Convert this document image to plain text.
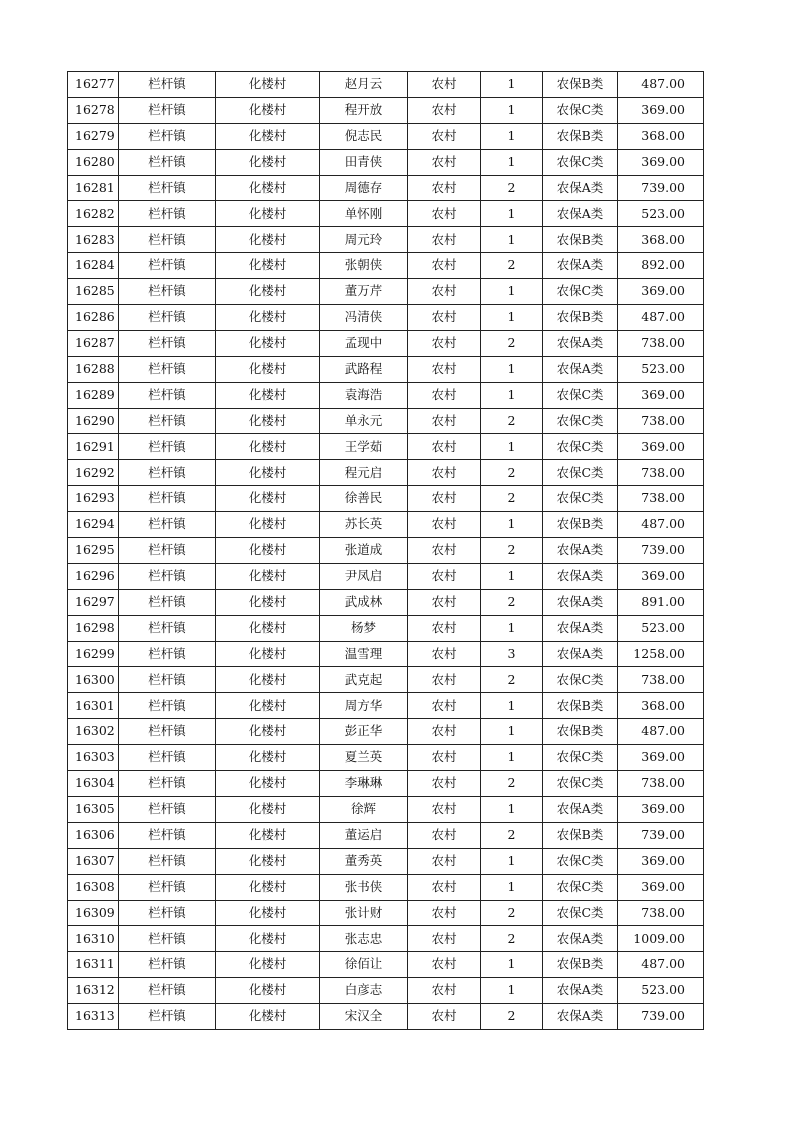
16277	栏杆镇	化楼村	赵月云	农村	1	农保B类	487.00
16278	栏杆镇	化楼村	程开放	农村	1	农保C类	369.00
16279	栏杆镇	化楼村	倪志民	农村	1	农保B类	368.00
16280	栏杆镇	化楼村	田青侠	农村	1	农保C类	369.00
16281	栏杆镇	化楼村	周德存	农村	2	农保A类	739.00
16282	栏杆镇	化楼村	单怀刚	农村	1	农保A类	523.00
16283	栏杆镇	化楼村	周元玲	农村	1	农保B类	368.00
16284	栏杆镇	化楼村	张朝侠	农村	2	农保A类	892.00
16285	栏杆镇	化楼村	董万芹	农村	1	农保C类	369.00
16286	栏杆镇	化楼村	冯清侠	农村	1	农保B类	487.00
16287	栏杆镇	化楼村	孟现中	农村	2	农保A类	738.00
16288	栏杆镇	化楼村	武路程	农村	1	农保A类	523.00
16289	栏杆镇	化楼村	袁海浩	农村	1	农保C类	369.00
16290	栏杆镇	化楼村	单永元	农村	2	农保C类	738.00
16291	栏杆镇	化楼村	王学茹	农村	1	农保C类	369.00
16292	栏杆镇	化楼村	程元启	农村	2	农保C类	738.00
16293	栏杆镇	化楼村	徐善民	农村	2	农保C类	738.00
16294	栏杆镇	化楼村	苏长英	农村	1	农保B类	487.00
16295	栏杆镇	化楼村	张道成	农村	2	农保A类	739.00
16296	栏杆镇	化楼村	尹凤启	农村	1	农保A类	369.00
16297	栏杆镇	化楼村	武成林	农村	2	农保A类	891.00
16298	栏杆镇	化楼村	杨梦	农村	1	农保A类	523.00
16299	栏杆镇	化楼村	温雪理	农村	3	农保A类	1258.00
16300	栏杆镇	化楼村	武克起	农村	2	农保C类	738.00
16301	栏杆镇	化楼村	周方华	农村	1	农保B类	368.00
16302	栏杆镇	化楼村	彭正华	农村	1	农保B类	487.00
16303	栏杆镇	化楼村	夏兰英	农村	1	农保C类	369.00
16304	栏杆镇	化楼村	李琳琳	农村	2	农保C类	738.00
16305	栏杆镇	化楼村	徐辉	农村	1	农保A类	369.00
16306	栏杆镇	化楼村	董运启	农村	2	农保B类	739.00
16307	栏杆镇	化楼村	董秀英	农村	1	农保C类	369.00
16308	栏杆镇	化楼村	张书侠	农村	1	农保C类	369.00
16309	栏杆镇	化楼村	张计财	农村	2	农保C类	738.00
16310	栏杆镇	化楼村	张志忠	农村	2	农保A类	1009.00
16311	栏杆镇	化楼村	徐佰让	农村	1	农保B类	487.00
16312	栏杆镇	化楼村	白彦志	农村	1	农保A类	523.00
16313	栏杆镇	化楼村	宋汉全	农村	2	农保A类	739.00
